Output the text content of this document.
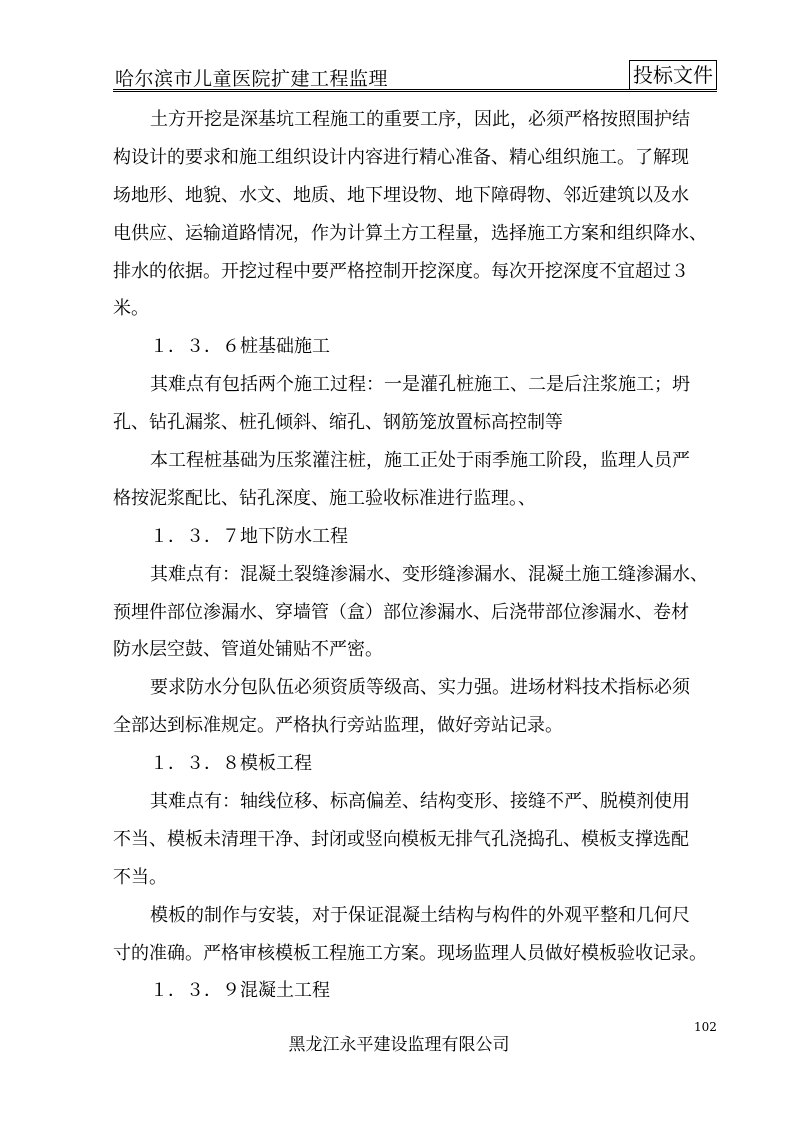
哈尔滨市儿童医院扩建工程监理	投标文件
土方开挖是深基坑工程施工的重要工序，因此，必须严格按照围护结
构设计的要求和施工组织设计内容进行精心准备、精心组织施工。了解现
场地形、地貌、水文、地质、地下埋设物、地下障碍物、邻近建筑以及水
电供应、运输道路情况，作为计算土方工程量，选择施工方案和组织降水、
排水的依据。开挖过程中要严格控制开挖深度。每次开挖深度不宜超过３
米。
１．３．６桩基础施工
其难点有包括两个施工过程：一是灌孔桩施工、二是后注浆施工；坍
孔、钻孔漏浆、桩孔倾斜、缩孔、钢筋笼放置标高控制等
本工程桩基础为压浆灌注桩，施工正处于雨季施工阶段，监理人员严
格按泥浆配比、钻孔深度、施工验收标准进行监理。、
１．３．７地下防水工程
其难点有：混凝土裂缝渗漏水、变形缝渗漏水、混凝土施工缝渗漏水、
预埋件部位渗漏水、穿墙管（盒）部位渗漏水、后浇带部位渗漏水、卷材
防水层空鼓、管道处铺贴不严密。
要求防水分包队伍必须资质等级高、实力强。进场材料技术指标必须
全部达到标准规定。严格执行旁站监理，做好旁站记录。
１．３．８模板工程
其难点有：轴线位移、标高偏差、结构变形、接缝不严、脱模剂使用
不当、模板未清理干净、封闭或竖向模板无排气孔浇捣孔、模板支撑选配
不当。
模板的制作与安装，对于保证混凝土结构与构件的外观平整和几何尺
寸的准确。严格审核模板工程施工方案。现场监理人员做好模板验收记录。
１．３．９混凝土工程
102
黑龙江永平建设监理有限公司
